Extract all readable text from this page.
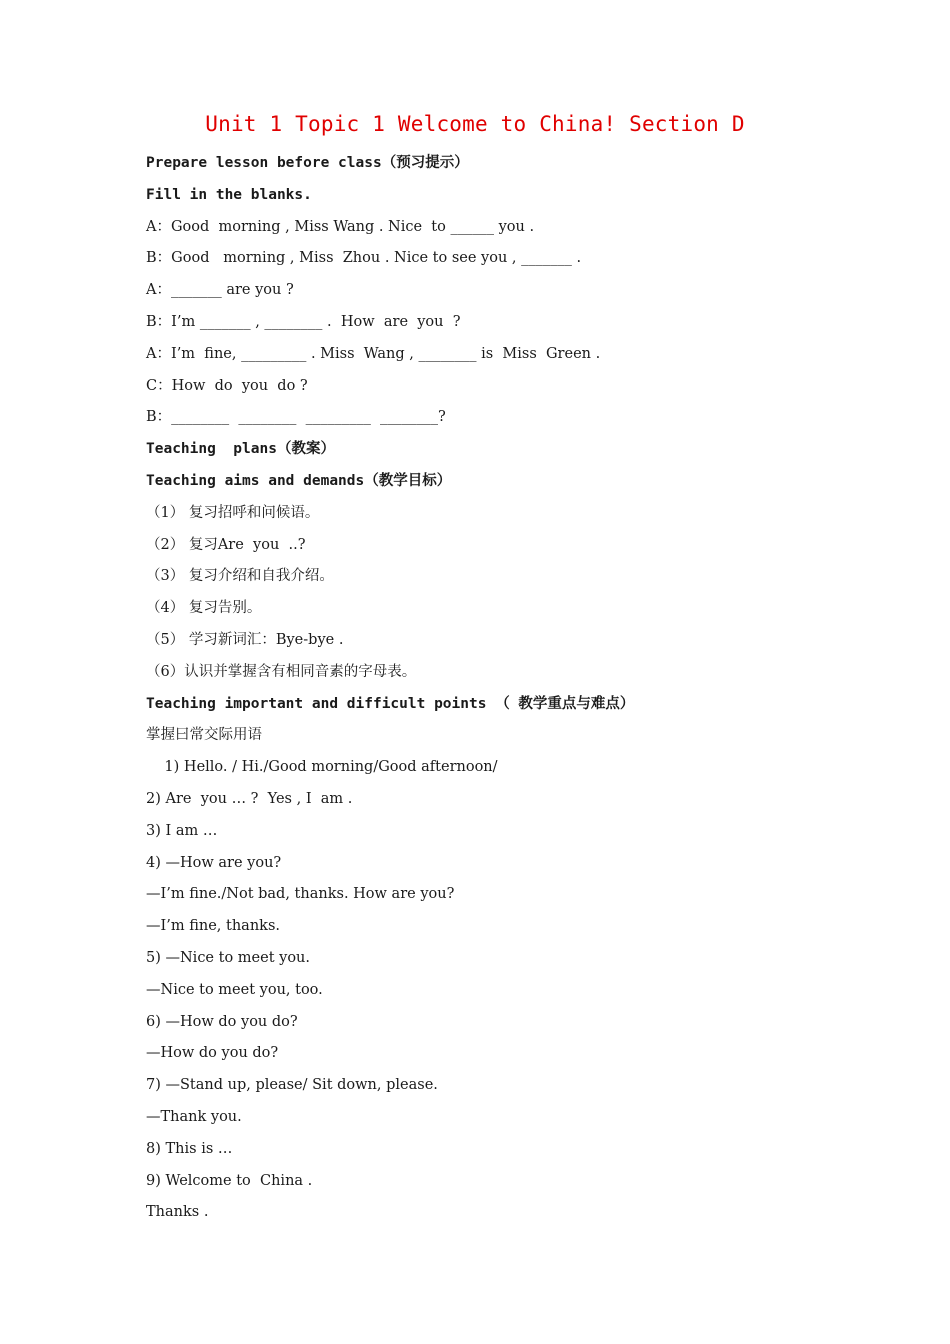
Unit 1 Topic 1 Welcome to China! Section D
Prepare lesson before class（预习提示）
Fill in the blanks.
A：Good  morning , Miss Wang . Nice  to ______ you .
B：Good   morning , Miss  Zhou . Nice to see you , _______ .
A：_______ are you ?
B：I’m _______ , ________ .  How  are  you  ?
A：I’m  fine, _________ . Miss  Wang , ________ is  Miss  Green .
C：How  do  you  do ?
B：________  ________  _________  ________?
Teaching  plans（教案）
Teaching aims and demands（教学目标）
（1） 复习招呼和问候语。
（2） 复习Are  you  ..?
（3） 复习介绍和自我介绍。
（4） 复习告别。
（5） 学习新词汇：Bye-bye .
（6）认识并掌握含有相同音素的字母表。
Teaching important and difficult points （ 教学重点与难点）
掌握曰常交际用语
1) Hello. / Hi./Good morning/Good afternoon/
2) Are  you … ?  Yes , I  am .
3) I am …
4) —How are you?
—I’m fine./Not bad, thanks. How are you?
—I’m fine, thanks.
5) —Nice to meet you.
—Nice to meet you, too.
6) —How do you do?
—How do you do?
7) —Stand up, please/ Sit down, please.
—Thank you.
8) This is …
9) Welcome to  China .
Thanks .
